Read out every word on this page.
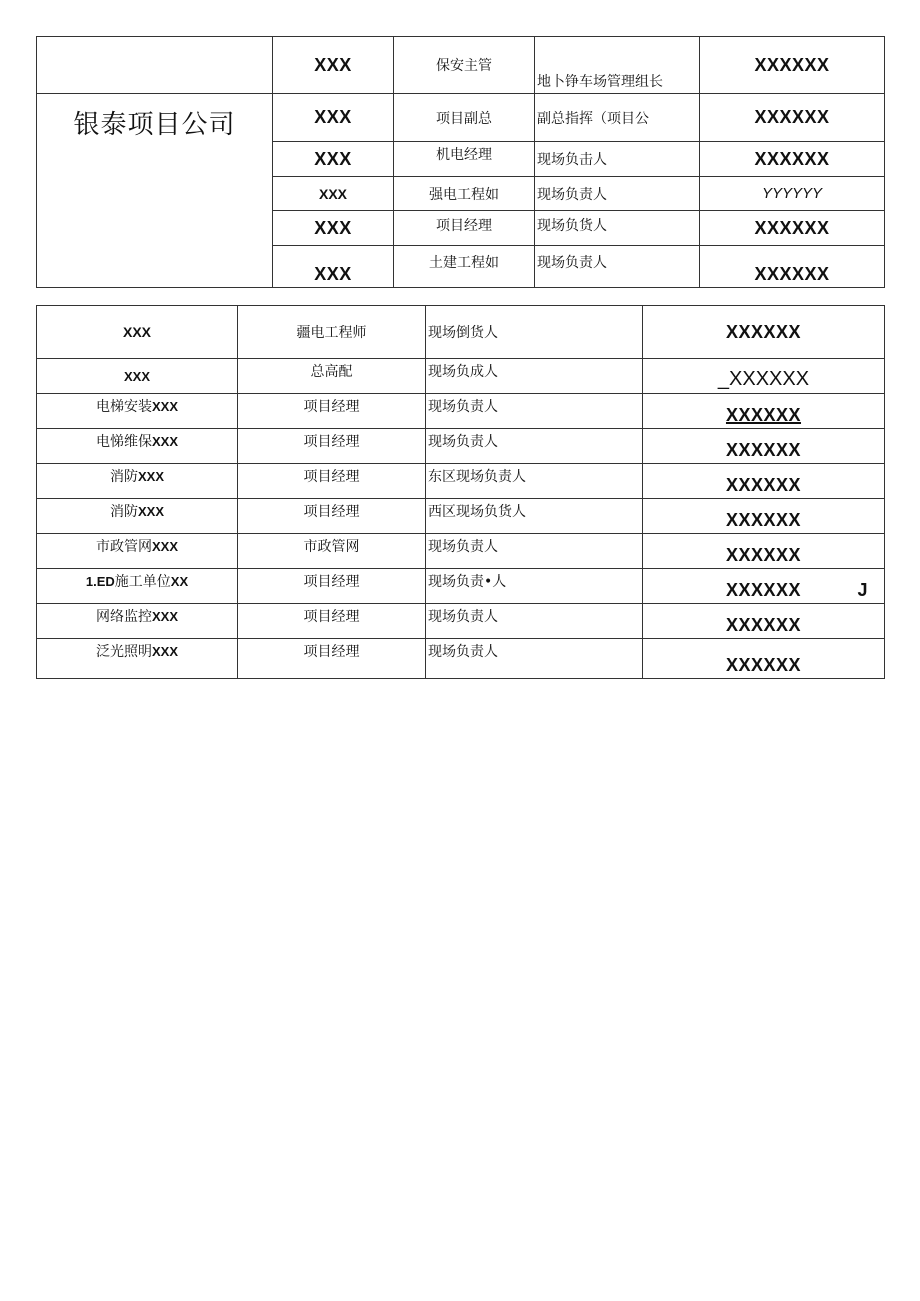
	XXX	保安主管	地卜铮车场管理组长	XXXXXX
银泰项目公司	XXX	项目副总	副总指挥（项目公	XXXXXX
	XXX	机电经理	现场负击人	XXXXXX
	XXX	强电工程如	现场负责人	YYYYYY
	XXX	项目经理	现场负货人	XXXXXX
	XXX	土建工程如	现场负责人	XXXXXX
XXX	疆电工程师	现场倒货人	XXXXXX
XXX	总高配	现场负成人	_XXXXXX
电梯安装XXX	项目经理	现场负责人	XXXXXX
电悌维保XXX	项目经理	现场负责人	XXXXXX
消防XXX	项目经理	东区现场负责人	XXXXXX
消防XXX	项目经理	西区现场负货人	XXXXXX
市政管网XXX	市政管网	现场负责人	XXXXXX
1.ED施工单位XX	项目经理	现场负责•人	XXXXXX J

网络监控XXX	项目经理	现场负责人	XXXXXX
泛光照明XXX	项目经理	现场负责人	XXXXXX
